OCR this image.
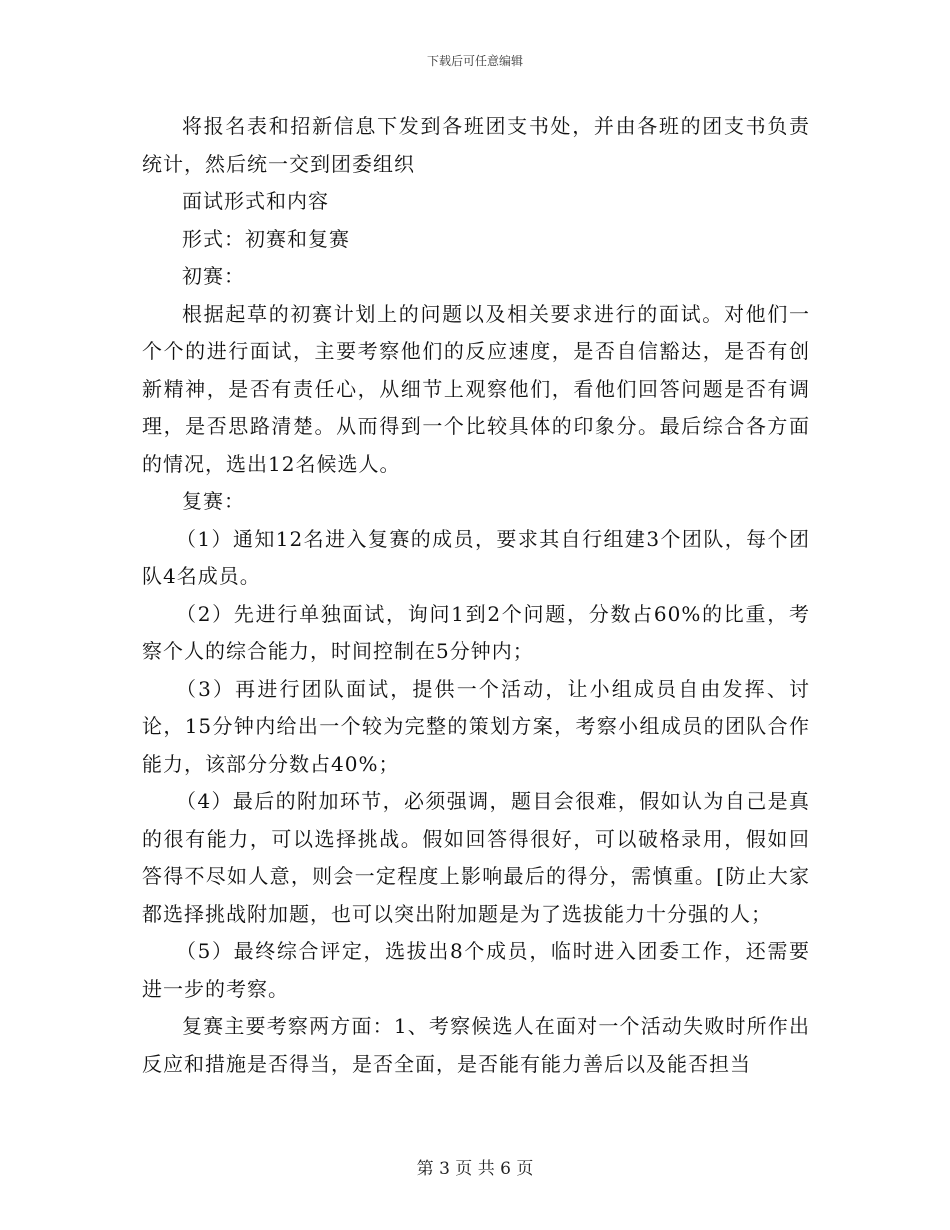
下载后可任意编辑

将报名表和招新信息下发到各班团支书处，并由各班的团支书负责统计，然后统一交到团委组织

面试形式和内容

形式：初赛和复赛

初赛：

根据起草的初赛计划上的问题以及相关要求进行的面试。对他们一个个的进行面试，主要考察他们的反应速度，是否自信豁达，是否有创新精神，是否有责任心，从细节上观察他们，看他们回答问题是否有调理，是否思路清楚。从而得到一个比较具体的印象分。最后综合各方面的情况，选出12名候选人。

复赛：

（1）通知12名进入复赛的成员，要求其自行组建3个团队，每个团队4名成员。

（2）先进行单独面试，询问1到2个问题，分数占60%的比重，考察个人的综合能力，时间控制在5分钟内；

（3）再进行团队面试，提供一个活动，让小组成员自由发挥、讨论，15分钟内给出一个较为完整的策划方案，考察小组成员的团队合作能力，该部分分数占40%；

（4）最后的附加环节，必须强调，题目会很难，假如认为自己是真的很有能力，可以选择挑战。假如回答得很好，可以破格录用，假如回答得不尽如人意，则会一定程度上影响最后的得分，需慎重。[防止大家都选择挑战附加题，也可以突出附加题是为了选拔能力十分强的人；

（5）最终综合评定，选拔出8个成员，临时进入团委工作，还需要进一步的考察。

复赛主要考察两方面：1、考察候选人在面对一个活动失败时所作出反应和措施是否得当，是否全面，是否能有能力善后以及能否担当

第 3 页 共 6 页
